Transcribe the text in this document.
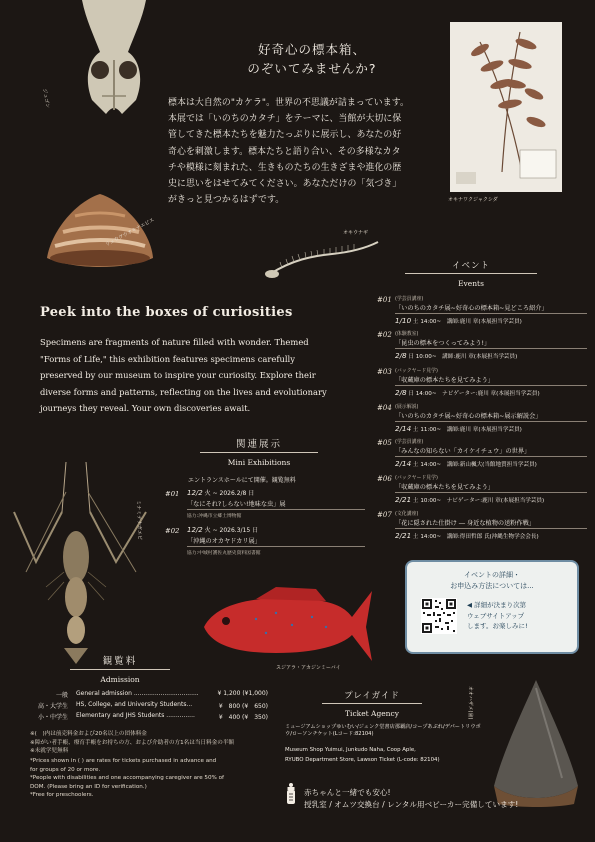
ジュゴン
リュウグウオキナエビス
オキナワクジャクシダ
オキウナギ
ミナミテナガエビ
スジアラ・アカジンミーバイ
オオハザメ(歯)
好奇心の標本箱、
のぞいてみませんか?
標本は大自然の"カケラ"。世界の不思議が詰まっています。
本展では「いのちのカタチ」をテーマに、当館が大切に保
管してきた標本たちを魅力たっぷりに展示し、あなたの好
奇心を刺激します。標本たちと語り合い、その多様なカタ
チや模様に刻まれた、生きものたちの生きざまや進化の歴
史に思いをはせてみてください。あなただけの「気づき」
がきっと見つかるはずです。
Peek into the boxes of curiosities
Specimens are fragments of nature filled with wonder. Themed
"Forms of Life," this exhibition features specimens carefully
preserved by our museum to inspire your curiosity. Explore their
diverse forms and patterns, reflecting on the lives and evolutionary
journeys they reveal. Your own discoveries await.
イベント
Events
#01 (学芸員講座)
「いのちのカタチ展~好奇心の標本箱~見どころ紹介」
1/10 土 14:00~　講師:鹿川 章(本展担当学芸員)
#02 (体験教室)
「昆虫の標本をつくってみよう!」
2/8 日 10:00~　講師:鹿川 章(本展担当学芸員)
#03 (バックヤード見学)
「収蔵庫の標本たちを見てみよう」
2/8 日 14:00~　ナビゲーター:鹿川 章(本展担当学芸員)
#04 (展示解説)
「いのちのカタチ展~好奇心の標本箱~展示解説会」
2/14 土 11:00~　講師:鹿川 章(本展担当学芸員)
#05 (学芸員講座)
「みんなの知らない「カイケイチュウ」の世界」
2/14 土 14:00~　講師:新山楓大(当館地質担当学芸員)
#06 (バックヤード見学)
「収蔵庫の標本たちを見てみよう」
2/21 土 10:00~　ナビゲーター:鹿川 章(本展担当学芸員)
#07 (文化講座)
「花に隠された仕掛け ― 身近な植物の送粉作戦」
2/21 土 14:00~　講師:得田哲郎 氏(沖縄生物学会会長)
関連展示
Mini Exhibitions
エントランスホールにて開催。観覧無料
#01 12/2 火 ~ 2026.2/8 日
「なにそれ?しらない!地味な虫」展
協力:沖縄市立郷土博物館
#02 12/2 火 ~ 2026.3/15 日
「沖縄のオカヤドカリ展」
協力:中城村護佐丸歴史資料図書館
イベントの詳細・
お申込み方法については...
◀ 詳細が決まり次第
ウェブサイトアップ
します。お楽しみに!
観覧料
Admission
一般 General admission ..................................	¥ 1,200 (¥1,000)
高・大学生 HS, College, and University Students...	¥　800 (¥　650)
小・中学生 Elementary and JHS Students ...............	¥　400 (¥　350)
※(　)内は前売料金および20名以上の団体料金
※障がい者手帳、療育手帳をお持ちの方、および介助者の方1名は当日料金の半額
※未就学児無料
*Prices shown in ( ) are rates for tickets purchased in advance and
for groups of 20 or more.
*People with disabilities and one accompanying caregiver are 50% of
DOM. (Please bring an ID for verification.)
*Free for preschoolers.
プレイガイド
Ticket Agency
ミュージアムショップゆいむい/ジュンク堂書店那覇店/コープあぷれ/デパートリウボウ/ローソンチケット(Lコード:82104)
Museum Shop Yuimui, Junkudo Naha, Coop Aple,
RYUBO Department Store, Lawson Ticket (L-code: 82104)
赤ちゃんと一緒でも安心!
授乳室 / オムツ交換台 / レンタル用ベビーカー完備しています!
